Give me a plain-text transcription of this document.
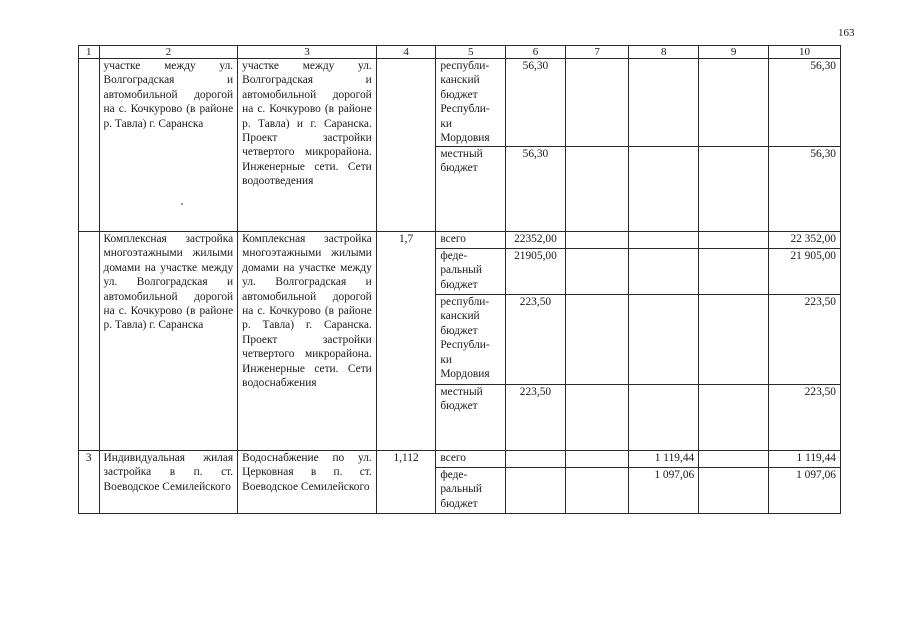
163
1	2	3	4	5	6	7	8	9	10
	участке между ул. Волгоградская и автомобильной дорогой на с. Кочкурово (в районе р. Тавла) г. Саранска	участке между ул. Волгоградская и автомобильной дорогой на с. Кочкурово (в районе р. Тавла) и г. Саранска. Проект застройки четвертого микрорайона. Инженерные сети. Сети водоотведения		республи-канский бюджет Республи-ки Мордовия	56,30				56,30
				местный бюджет	56,30				56,30
	Комплексная застройка многоэтажными жилыми домами на участке между ул. Волгоградская и автомобильной дорогой на с. Кочкурово (в районе р. Тавла) г. Саранска	Комплексная застройка многоэтажными жилыми домами на участке между ул. Волгоградская и автомобильной дорогой на с. Кочкурово (в районе р. Тавла) г. Саранска. Проект застройки четвертого микрорайона. Инженерные сети. Сети водоснабжения	1,7	всего	22352,00				22 352,00
				феде-ральный бюджет	21905,00				21 905,00
				республи-канский бюджет Республи-ки Мордовия	223,50				223,50
				местный бюджет	223,50				223,50
3	Индивидуальная жилая застройка в п. ст. Воеводское Семилейского	Водоснабжение по ул. Церковная в п. ст. Воеводское Семилейского	1,112	всего			1 119,44		1 119,44
				феде-ральный бюджет			1 097,06		1 097,06
